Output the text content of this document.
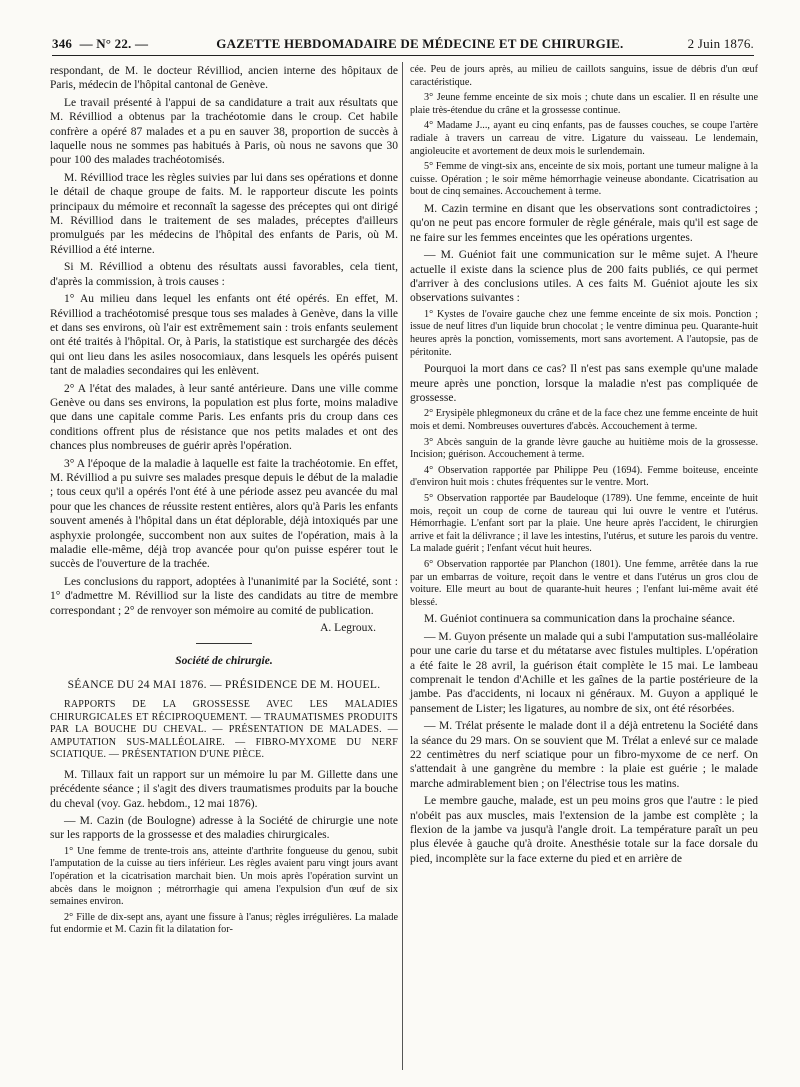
346 — N° 22. —	GAZETTE HEBDOMADAIRE DE MÉDECINE ET DE CHIRURGIE.	2 Juin 1876.

respondant, de M. le docteur Révilliod, ancien interne des hôpitaux de Paris, médecin de l'hôpital cantonal de Genève.

Le travail présenté à l'appui de sa candidature a trait aux résultats que M. Révilliod a obtenus par la trachéotomie dans le croup. Cet habile confrère a opéré 87 malades et a pu en sauver 38, proportion de succès à laquelle nous ne sommes pas habitués à Paris, où nous ne savons que 30 pour 100 des malades trachéotomisés.

M. Révilliod trace les règles suivies par lui dans ses opérations et donne le détail de chaque groupe de faits. M. le rapporteur discute les points principaux du mémoire et reconnaît la sagesse des préceptes qui ont dirigé M. Révilliod dans le traitement de ses malades, préceptes d'ailleurs promulgués par les médecins de l'hôpital des enfants de Paris, où M. Révilliod a été interne.

Si M. Révilliod a obtenu des résultats aussi favorables, cela tient, d'après la commission, à trois causes :

1° Au milieu dans lequel les enfants ont été opérés. En effet, M. Révilliod a trachéotomisé presque tous ses malades à Genève, dans la ville et dans ses environs, où l'air est extrêmement sain : trois enfants seulement ont été traités à l'hôpital. Or, à Paris, la statistique est surchargée des décès qui ont lieu dans les asiles nosocomiaux, dans lesquels les opérés puisent tant de maladies secondaires qui les enlèvent.

2° A l'état des malades, à leur santé antérieure. Dans une ville comme Genève ou dans ses environs, la population est plus forte, moins maladive que dans une capitale comme Paris. Les enfants pris du croup dans ces conditions offrent plus de résistance que nos petits malades et ont des chances plus nombreuses de guérir après l'opération.

3° A l'époque de la maladie à laquelle est faite la trachéotomie. En effet, M. Révilliod a pu suivre ses malades presque depuis le début de la maladie ; tous ceux qu'il a opérés l'ont été à une période assez peu avancée du mal pour que les chances de réussite restent entières, alors qu'à Paris les enfants souvent amenés à l'hôpital dans un état déplorable, déjà intoxiqués par une asphyxie prolongée, succombent non aux suites de l'opération, mais à la maladie elle-même, déjà trop avancée pour qu'on puisse espérer tout le succès de l'ouverture de la trachée.

Les conclusions du rapport, adoptées à l'unanimité par la Société, sont : 1° d'admettre M. Révilliod sur la liste des candidats au titre de membre correspondant ; 2° de renvoyer son mémoire au comité de publication.

A. Legroux.
Société de chirurgie.
SÉANCE DU 24 MAI 1876. — PRÉSIDENCE DE M. HOUEL.
RAPPORTS DE LA GROSSESSE AVEC LES MALADIES CHIRURGICALES ET RÉCIPROQUEMENT. — TRAUMATISMES PRODUITS PAR LA BOUCHE DU CHEVAL. — PRÉSENTATION DE MALADES. — AMPUTATION SUS-MALLÉOLAIRE. — FIBRO-MYXOME DU NERF SCIATIQUE. — PRÉSENTATION D'UNE PIÈCE.

M. Tillaux fait un rapport sur un mémoire lu par M. Gillette dans une précédente séance ; il s'agit des divers traumatismes produits par la bouche du cheval (voy. Gaz. hebdom., 12 mai 1876).

— M. Cazin (de Boulogne) adresse à la Société de chirurgie une note sur les rapports de la grossesse et des maladies chirurgicales.

1° Une femme de trente-trois ans, atteinte d'arthrite fongueuse du genou, subit l'amputation de la cuisse au tiers inférieur. Les règles avaient paru vingt jours avant l'opération et la cicatrisation marchait bien. Un mois après l'opération survint un abcès dans le moignon ; métrorrhagie qui amena l'expulsion d'un œuf de six semaines environ.

2° Fille de dix-sept ans, ayant une fissure à l'anus; règles irrégulières. La malade fut endormie et M. Cazin fit la dilatation for-

cée. Peu de jours après, au milieu de caillots sanguins, issue de débris d'un œuf caractéristique.

3° Jeune femme enceinte de six mois ; chute dans un escalier. Il en résulte une plaie très-étendue du crâne et la grossesse continue.

4° Madame J..., ayant eu cinq enfants, pas de fausses couches, se coupe l'artère radiale à travers un carreau de vitre. Ligature du vaisseau. Le lendemain, angioleucite et avortement de deux mois le surlendemain.

5° Femme de vingt-six ans, enceinte de six mois, portant une tumeur maligne à la cuisse. Opération ; le soir même hémorrhagie veineuse abondante. Cicatrisation au bout de cinq semaines. Accouchement à terme.

M. Cazin termine en disant que les observations sont contradictoires ; qu'on ne peut pas encore formuler de règle générale, mais qu'il est sage de ne faire sur les femmes enceintes que les opérations urgentes.

— M. Guéniot fait une communication sur le même sujet. A l'heure actuelle il existe dans la science plus de 200 faits publiés, ce qui permet d'arriver à des conclusions utiles. A ces faits M. Guéniot ajoute les six observations suivantes :

1° Kystes de l'ovaire gauche chez une femme enceinte de six mois. Ponction ; issue de neuf litres d'un liquide brun chocolat ; le ventre diminua peu. Quarante-huit heures après la ponction, vomissements, mort sans avortement. A l'autopsie, pas de péritonite.

Pourquoi la mort dans ce cas? Il n'est pas sans exemple qu'une malade meure après une ponction, lorsque la maladie n'est pas compliquée de grossesse.

2° Erysipèle phlegmoneux du crâne et de la face chez une femme enceinte de huit mois et demi. Nombreuses ouvertures d'abcès. Accouchement à terme.

3° Abcès sanguin de la grande lèvre gauche au huitième mois de la grossesse. Incision; guérison. Accouchement à terme.

4° Observation rapportée par Philippe Peu (1694). Femme boiteuse, enceinte d'environ huit mois : chutes fréquentes sur le ventre. Mort.

5° Observation rapportée par Baudeloque (1789). Une femme, enceinte de huit mois, reçoit un coup de corne de taureau qui lui ouvre le ventre et l'utérus. Hémorrhagie. L'enfant sort par la plaie. Une heure après l'accident, le chirurgien arrive et fait la délivrance ; il lave les intestins, l'utérus, et suture les parois du ventre. La malade guérit ; l'enfant vécut huit heures.

6° Observation rapportée par Planchon (1801). Une femme, arrêtée dans la rue par un embarras de voiture, reçoit dans le ventre et dans l'utérus un gros clou de voiture. Elle meurt au bout de quarante-huit heures ; l'enfant lui-même avait été blessé.

M. Guéniot continuera sa communication dans la prochaine séance.

— M. Guyon présente un malade qui a subi l'amputation sus-malléolaire pour une carie du tarse et du métatarse avec fistules multiples. L'opération a été faite le 28 avril, la guérison était complète le 15 mai. Le lambeau comprenait le tendon d'Achille et les gaînes de la partie postérieure de la jambe. Pas d'accidents, ni locaux ni généraux. M. Guyon a appliqué le pansement de Lister; les ligatures, au nombre de six, ont été résorbées.

— M. Trélat présente le malade dont il a déjà entretenu la Société dans la séance du 29 mars. On se souvient que M. Trélat a enlevé sur ce malade 22 centimètres du nerf sciatique pour un fibro-myxome de ce nerf. On s'attendait à une gangrène du membre : la plaie est guérie ; le malade marche admirablement bien ; on l'électrise tous les matins.

Le membre gauche, malade, est un peu moins gros que l'autre : le pied n'obéit pas aux muscles, mais l'extension de la jambe est complète ; la flexion de la jambe va jusqu'à l'angle droit. La température paraît un peu plus élevée à gauche qu'à droite. Anesthésie totale sur la face dorsale du pied, incomplète sur la face externe du pied et en arrière de
